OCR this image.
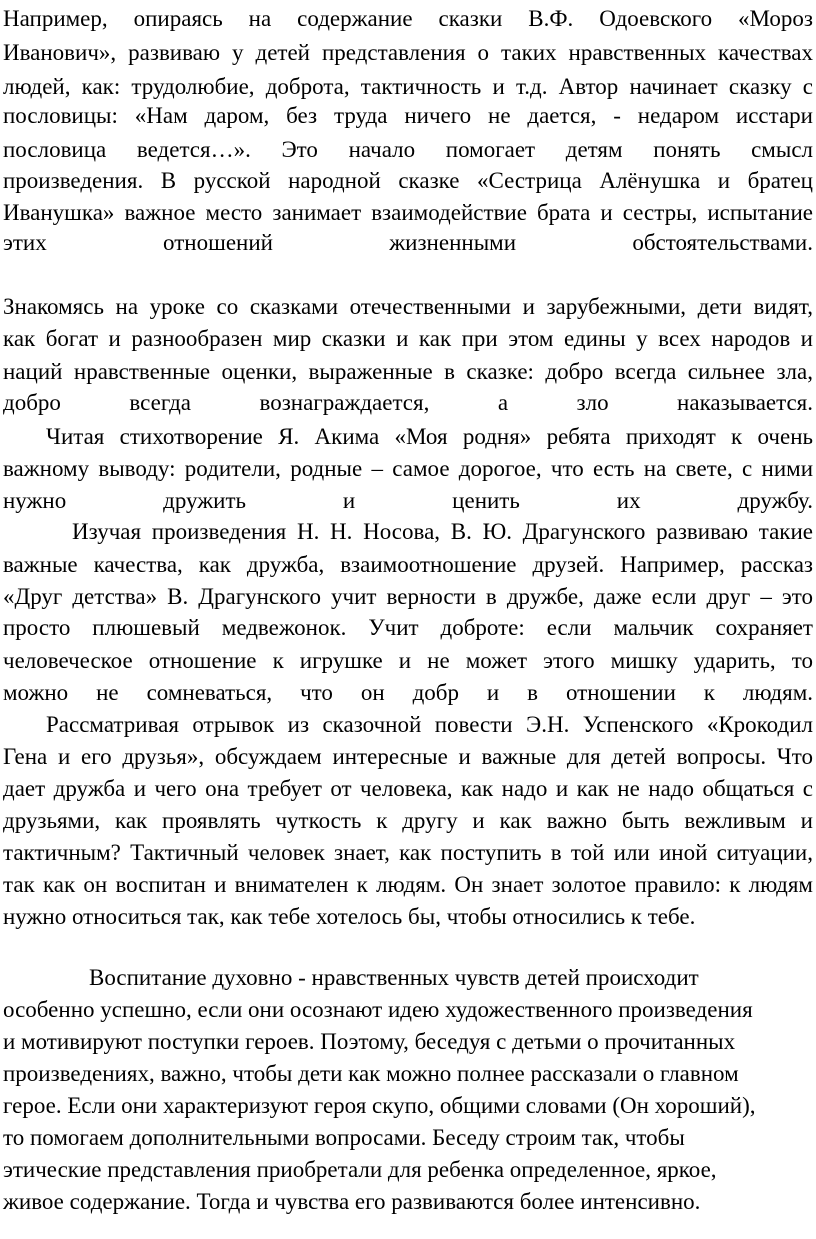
Например, опираясь на содержание сказки В.Ф. Одоевского «Мороз
Иванович», развиваю у детей представления о таких нравственных качествах
людей, как: трудолюбие, доброта, тактичность и т.д. Автор начинает сказку с
пословицы: «Нам даром, без труда ничего не дается, - недаром исстари
пословица ведется…». Это начало помогает детям понять смысл
произведения. В русской народной сказке «Сестрица Алёнушка и братец
Иванушка» важное место занимает взаимодействие брата и сестры, испытание
этих отношений жизненными обстоятельствами.
Знакомясь на уроке со сказками отечественными и зарубежными, дети видят,
как богат и разнообразен мир сказки и как при этом едины у всех народов и
наций нравственные оценки, выраженные в сказке: добро всегда сильнее зла,
добро всегда вознаграждается, а зло наказывается.
Читая стихотворение Я. Акима «Моя родня» ребята приходят к очень
важному выводу: родители, родные – самое дорогое, что есть на свете, с ними
нужно дружить и ценить их дружбу.
Изучая произведения Н. Н. Носова, В. Ю. Драгунского развиваю такие
важные качества, как дружба, взаимоотношение друзей. Например, рассказ
«Друг детства» В. Драгунского учит верности в дружбе, даже если друг – это
просто плюшевый медвежонок. Учит доброте: если мальчик сохраняет
человеческое отношение к игрушке и не может этого мишку ударить, то
можно не сомневаться, что он добр и в отношении к людям.
Рассматривая отрывок из сказочной повести Э.Н. Успенского «Крокодил
Гена и его друзья», обсуждаем интересные и важные для детей вопросы. Что
дает дружба и чего она требует от человека, как надо и как не надо общаться с
друзьями, как проявлять чуткость к другу и как важно быть вежливым и
тактичным? Тактичный человек знает, как поступить в той или иной ситуации,
так как он воспитан и внимателен к людям. Он знает золотое правило: к людям
нужно относиться так, как тебе хотелось бы, чтобы относились к тебе.
Воспитание духовно - нравственных чувств детей происходит
особенно успешно, если они осознают идею художественного произведения
и мотивируют поступки героев. Поэтому, беседуя с детьми о прочитанных
произведениях, важно, чтобы дети как можно полнее рассказали о главном
герое. Если они характеризуют героя скупо, общими словами (Он хороший),
то помогаем дополнительными вопросами. Беседу строим так, чтобы
этические представления приобретали для ребенка определенное, яркое,
живое содержание. Тогда и чувства его развиваются более интенсивно.
